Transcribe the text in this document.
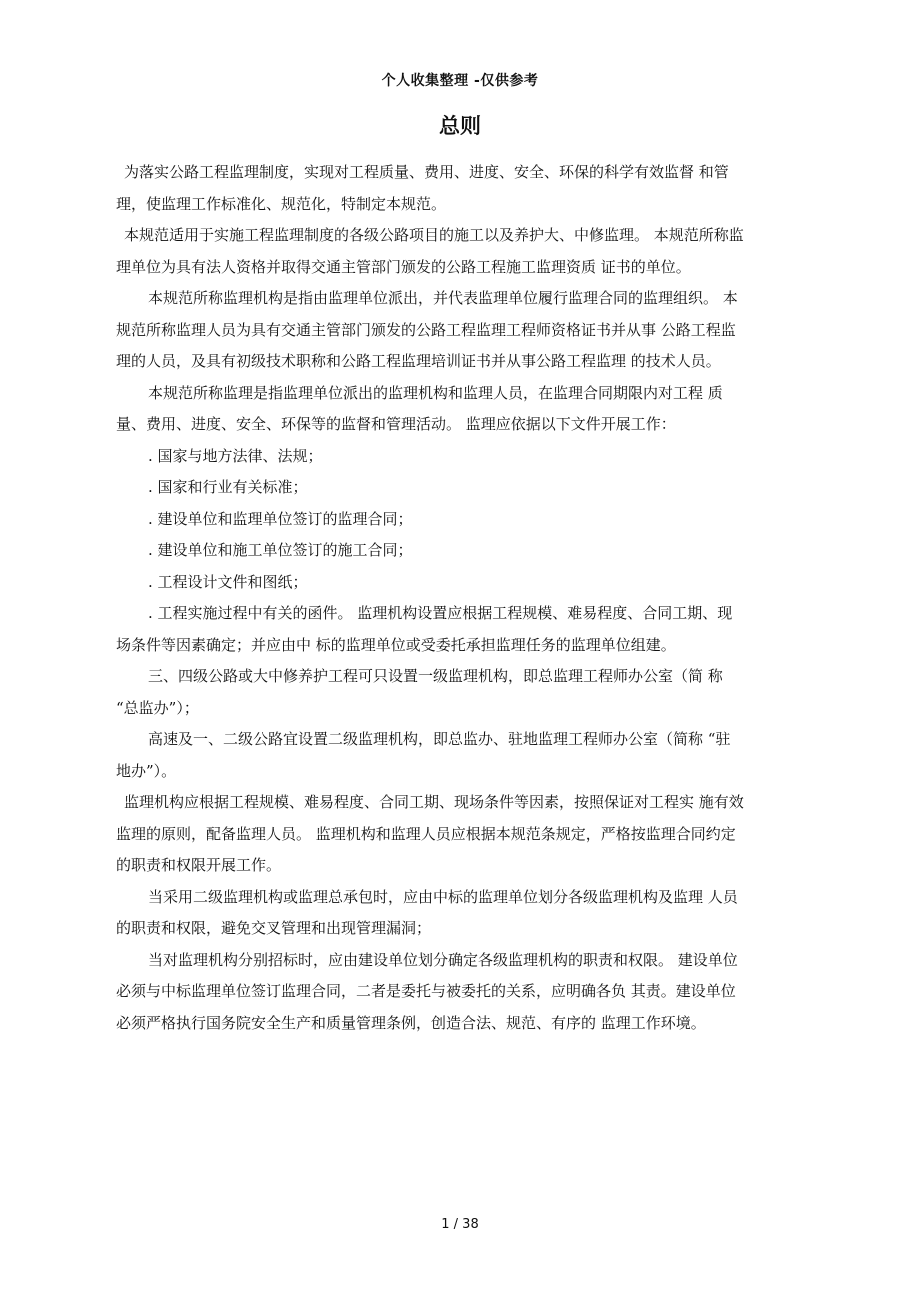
个人收集整理 -仅供参考
总则

为落实公路工程监理制度，实现对工程质量、费用、进度、安全、环保的科学有效监督 和管

理，使监理工作标准化、规范化，特制定本规范。

本规范适用于实施工程监理制度的各级公路项目的施工以及养护大、中修监理。 本规范所称监

理单位为具有法人资格并取得交通主管部门颁发的公路工程施工监理资质 证书的单位。

本规范所称监理机构是指由监理单位派出，并代表监理单位履行监理合同的监理组织。 本

规范所称监理人员为具有交通主管部门颁发的公路工程监理工程师资格证书并从事 公路工程监

理的人员，及具有初级技术职称和公路工程监理培训证书并从事公路工程监理 的技术人员。

本规范所称监理是指监理单位派出的监理机构和监理人员，在监理合同期限内对工程 质

量、费用、进度、安全、环保等的监督和管理活动。 监理应依据以下文件开展工作：

. 国家与地方法律、法规；

. 国家和行业有关标准；

. 建设单位和监理单位签订的监理合同；

. 建设单位和施工单位签订的施工合同；

. 工程设计文件和图纸；

. 工程实施过程中有关的函件。 监理机构设置应根据工程规模、难易程度、合同工期、现

场条件等因素确定；并应由中 标的监理单位或受委托承担监理任务的监理单位组建。

三、四级公路或大中修养护工程可只设置一级监理机构，即总监理工程师办公室（简 称

“总监办”）；

高速及一、二级公路宜设置二级监理机构，即总监办、驻地监理工程师办公室（简称 “驻

地办”）。

监理机构应根据工程规模、难易程度、合同工期、现场条件等因素，按照保证对工程实 施有效

监理的原则，配备监理人员。 监理机构和监理人员应根据本规范条规定，严格按监理合同约定

的职责和权限开展工作。

当采用二级监理机构或监理总承包时，应由中标的监理单位划分各级监理机构及监理 人员

的职责和权限，避免交叉管理和出现管理漏洞；

当对监理机构分别招标时，应由建设单位划分确定各级监理机构的职责和权限。 建设单位

必须与中标监理单位签订监理合同，二者是委托与被委托的关系，应明确各负 其责。建设单位

必须严格执行国务院安全生产和质量管理条例，创造合法、规范、有序的 监理工作环境。

1 / 38
